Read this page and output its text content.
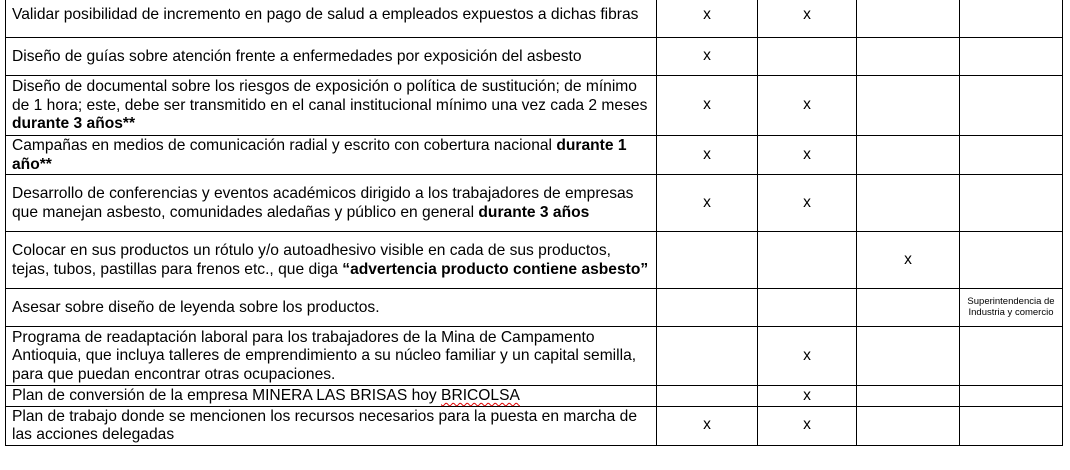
Validar posibilidad de incremento en pago de salud a empleados expuestos a dichas fibras	x	x		
Diseño de guías sobre atención frente a enfermedades por exposición del asbesto	x			
Diseño de documental sobre los riesgos de exposición o política de sustitución; de mínimo de 1 hora; este, debe ser transmitido en el canal institucional mínimo una vez cada 2 meses durante 3 años**	x	x		
Campañas en medios de comunicación radial y escrito con cobertura nacional durante 1 año**	x	x		
Desarrollo de conferencias y eventos académicos dirigido a los trabajadores de empresas que manejan asbesto, comunidades aledañas y público en general durante 3 años	x	x		
Colocar en sus productos un rótulo y/o autoadhesivo visible en cada de sus productos, tejas, tubos, pastillas para frenos etc., que diga “advertencia producto contiene asbesto”			x	
Asesar sobre diseño de leyenda sobre los productos.				Superintendencia de Industria y comercio
Programa de readaptación laboral para los trabajadores de la Mina de Campamento Antioquia, que incluya talleres de emprendimiento a su núcleo familiar y un capital semilla, para que puedan encontrar otras ocupaciones.		x		
Plan de conversión de la empresa MINERA LAS BRISAS hoy BRICOLSA		x		
Plan de trabajo donde se mencionen los recursos necesarios para la puesta en marcha de las acciones delegadas	x	x		
